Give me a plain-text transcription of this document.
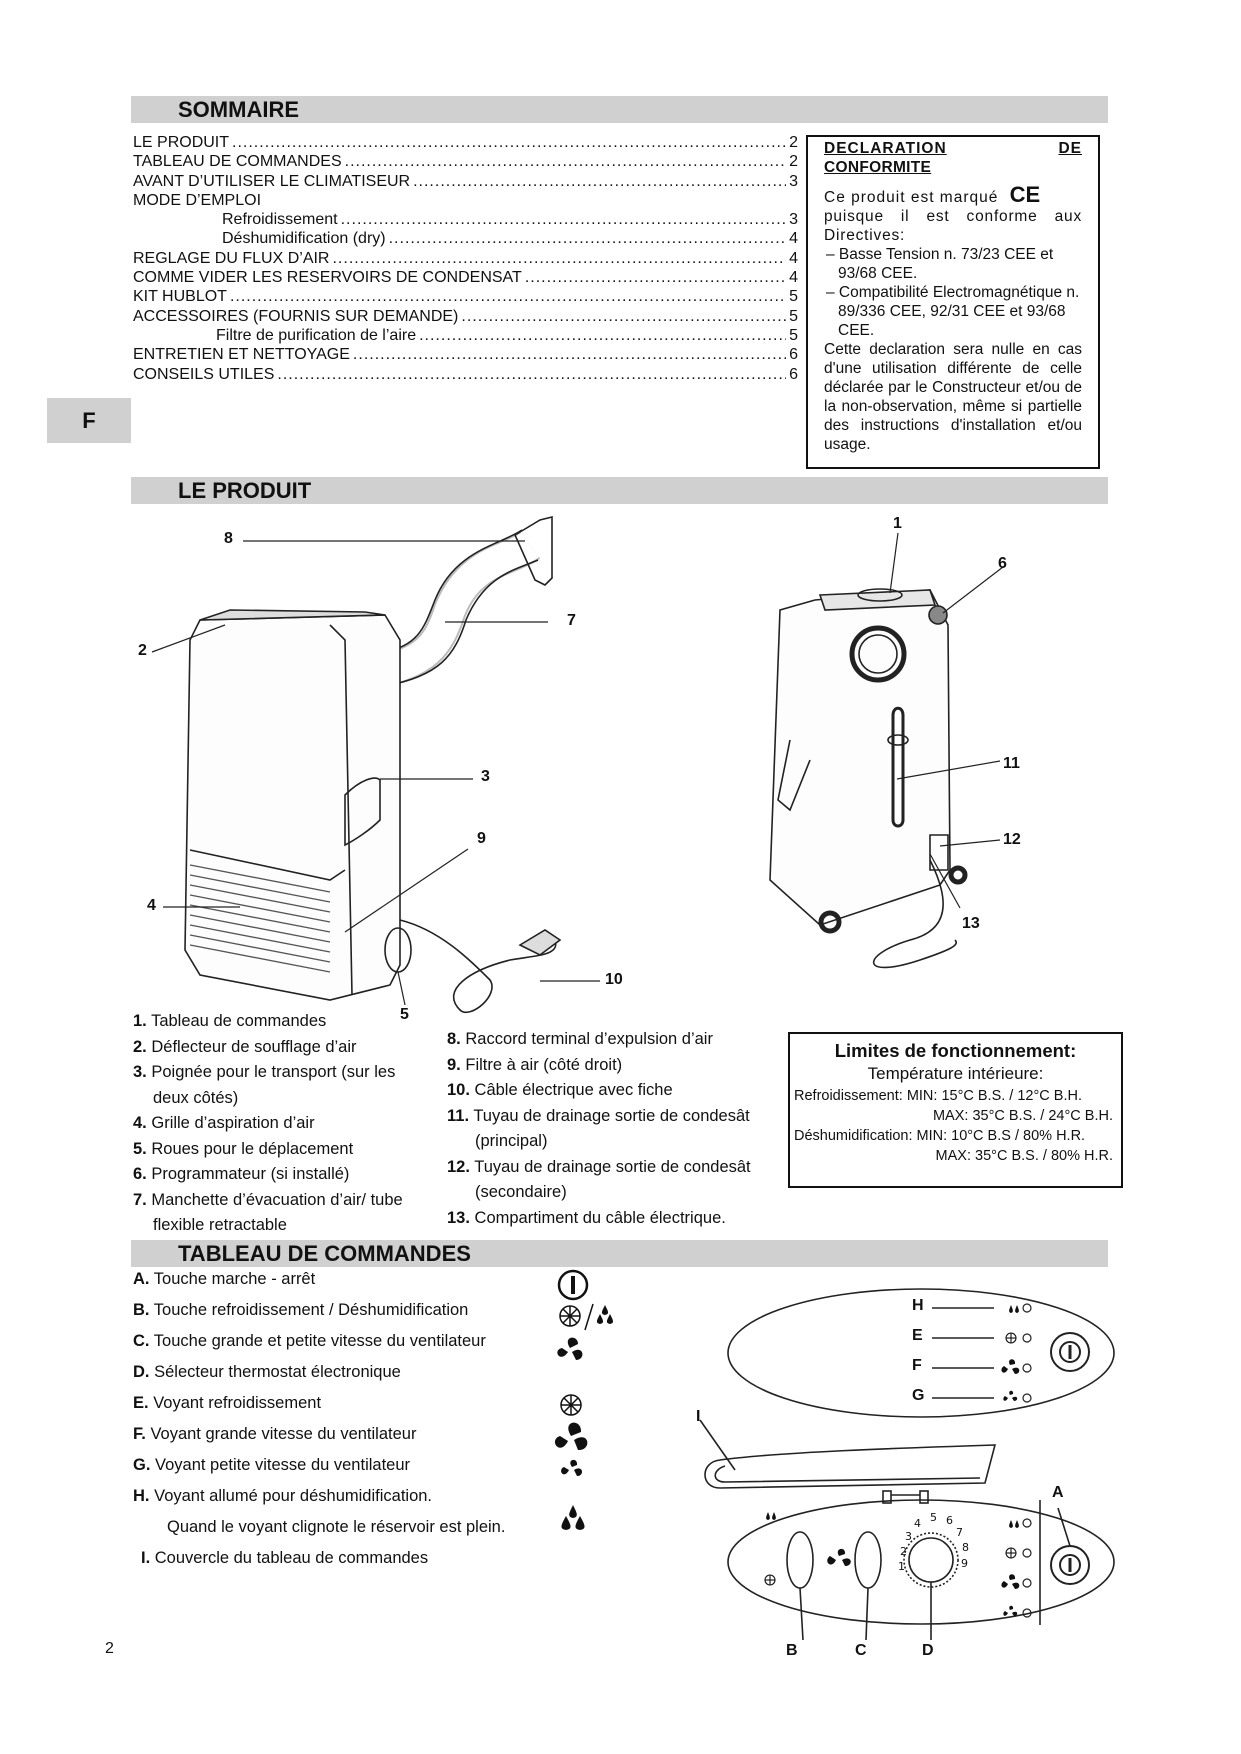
SOMMAIRE
LE PRODUIT .....	2
TABLEAU DE COMMANDES .....	2
AVANT D’UTILISER LE CLIMATISEUR .....	3
MODE D’EMPLOI
Refroidissement .....	3
Déshumidification (dry) .....	4
REGLAGE DU FLUX D’AIR .....	4
COMME VIDER LES RESERVOIRS DE CONDENSAT .....	4
KIT HUBLOT .....	5
ACCESSOIRES (FOURNIS SUR DEMANDE) .....	5
Filtre de purification de l’aire .....	5
ENTRETIEN ET NETTOYAGE .....	6
CONSEILS UTILES .....	6
DECLARATION	DE
CONFORMITE
Ce produit est marqué CE
puisque il est conforme aux Directives:
– Basse Tension n. 73/23 CEE et 93/68 CEE.
– Compatibilité Electromagnétique n. 89/336 CEE, 92/31 CEE et 93/68 CEE.
Cette declaration sera nulle en cas d'une utilisation différente de celle déclarée par le Constructeur et/ou de la non-observation, même si partielle des instructions d'installation et/ou usage.
F
LE PRODUIT
8
2
7
3
9
4
5
10
1
6
11
12
13
1. Tableau de commandes
2. Déflecteur de soufflage d’air
3. Poignée pour le transport (sur les deux côtés)
4. Grille d’aspiration d’air
5. Roues pour le déplacement
6. Programmateur (si installé)
7. Manchette d’évacuation d’air/ tube flexible retractable
8. Raccord terminal d’expulsion d’air
9. Filtre à air (côté droit)
10. Câble électrique avec fiche
11. Tuyau de drainage sortie de condesât (principal)
12. Tuyau de drainage sortie de condesât (secondaire)
13. Compartiment du câble électrique.
Limites de fonctionnement:
Température intérieure:
Refroidissement: MIN: 15°C B.S. / 12°C B.H.
MAX: 35°C B.S. / 24°C B.H.
Déshumidification: MIN: 10°C B.S / 80% H.R.
MAX: 35°C B.S. / 80% H.R.
TABLEAU DE COMMANDES
A. Touche marche - arrêt
B. Touche refroidissement / Déshumidification
C. Touche grande et petite vitesse du ventilateur
D. Sélecteur thermostat électronique
E. Voyant refroidissement
F. Voyant grande vitesse du ventilateur
G. Voyant petite vitesse du ventilateur
H. Voyant allumé pour déshumidification.
Quand le voyant clignote le réservoir est plein.
I. Couvercle du tableau de commandes	1
2
3
4 5 6
7
8
9
H
E
F
G
I
A
B	C	D
2
